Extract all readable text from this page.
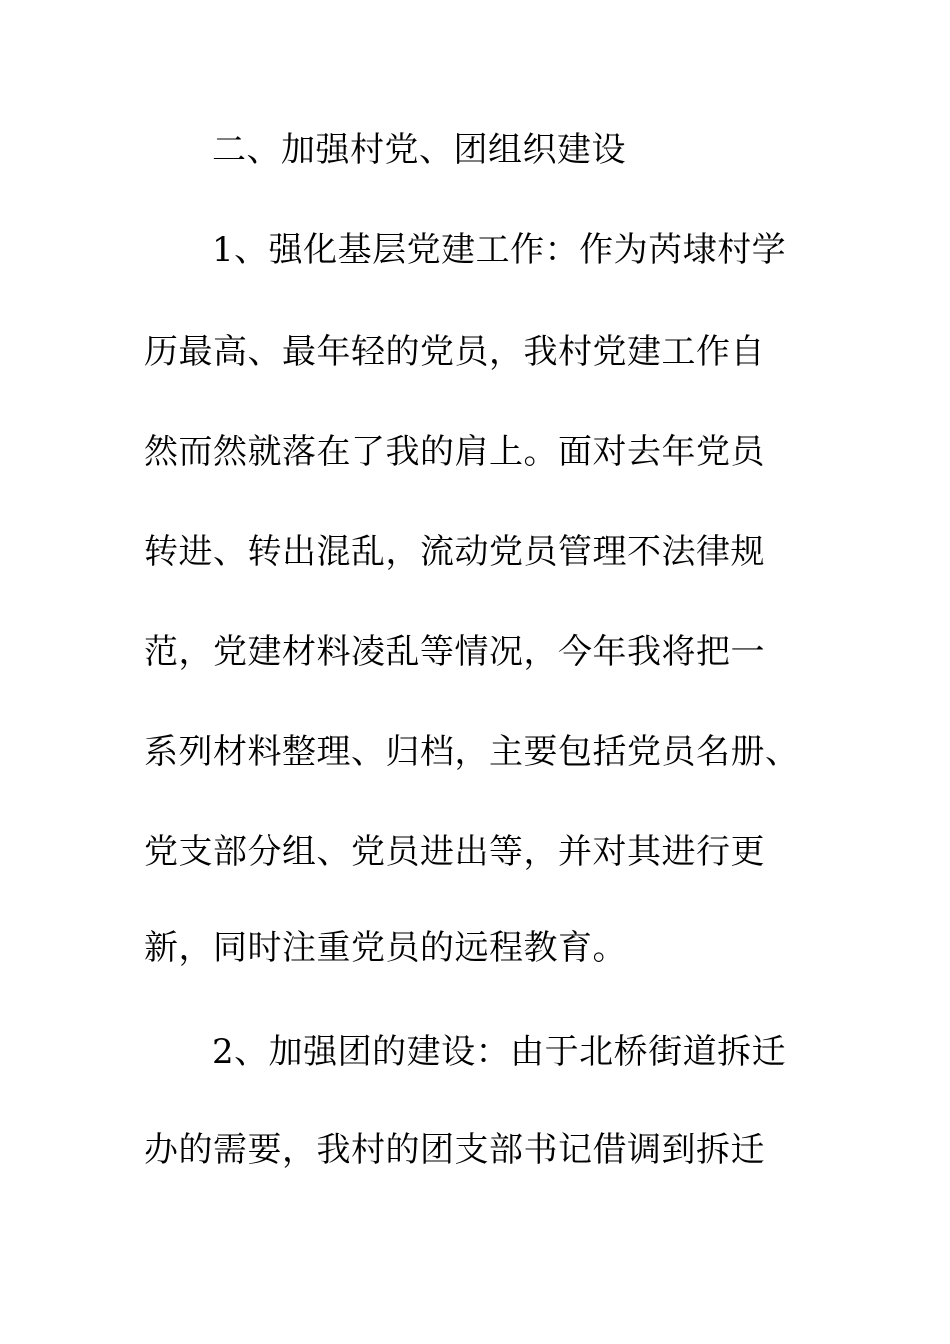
二、加强村党、团组织建设

1、强化基层党建工作：作为芮埭村学

历最高、最年轻的党员，我村党建工作自

然而然就落在了我的肩上。面对去年党员

转进、转出混乱，流动党员管理不法律规

范，党建材料凌乱等情况，今年我将把一

系列材料整理、归档，主要包括党员名册、

党支部分组、党员进出等，并对其进行更

新，同时注重党员的远程教育。

2、加强团的建设：由于北桥街道拆迁

办的需要，我村的团支部书记借调到拆迁
